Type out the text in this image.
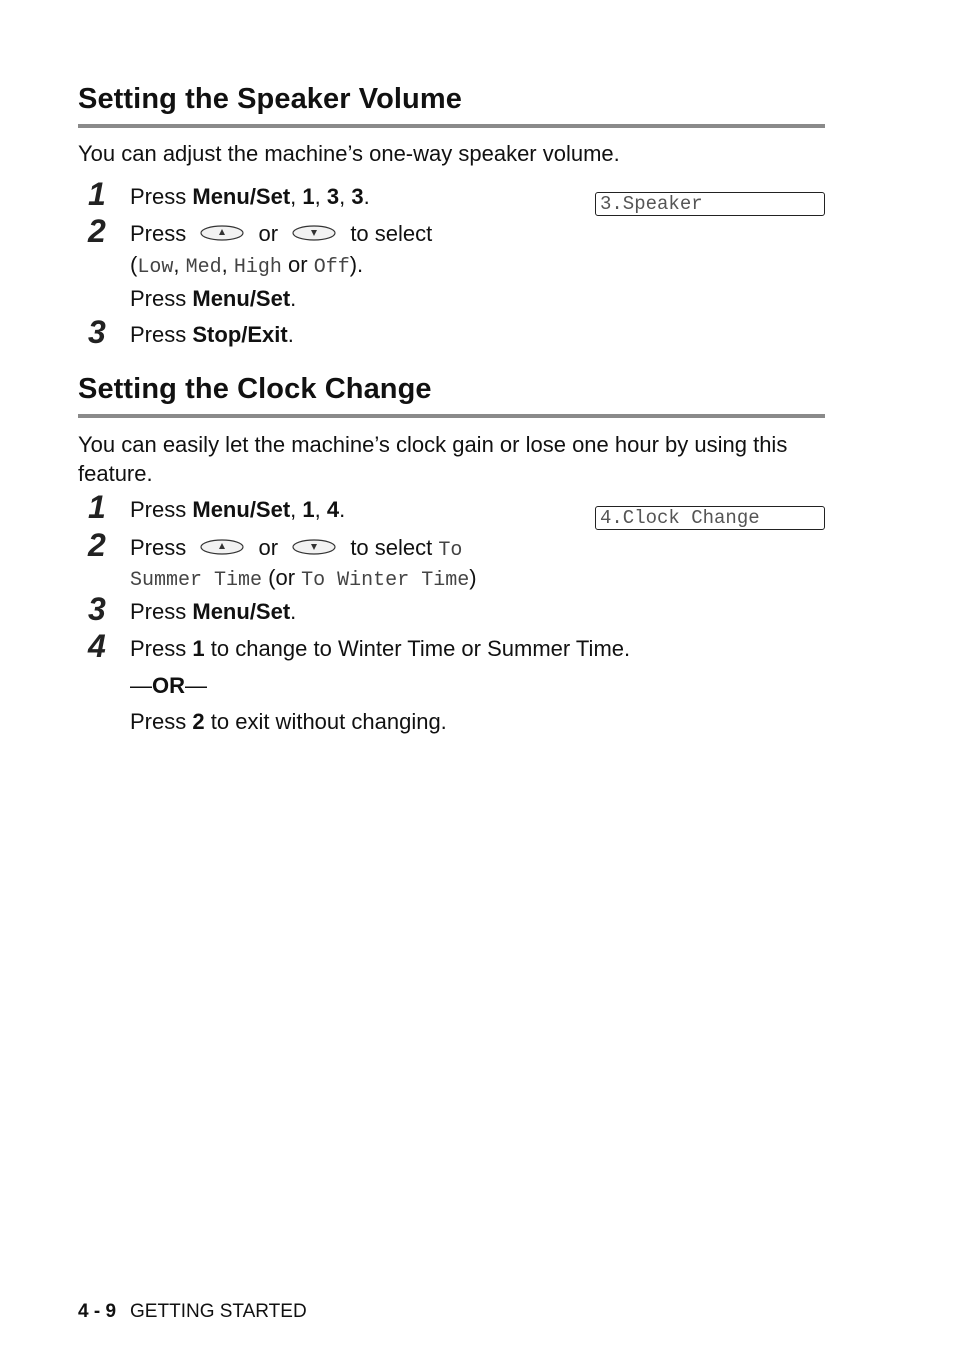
Setting the Speaker Volume

You can adjust the machine’s one-way speaker volume.

3.Speaker
1	Press Menu/Set, 1, 3, 3.
2	Press	or	to select
(Low, Med, High or Off).
Press Menu/Set.
3	Press Stop/Exit.
Setting the Clock Change

You can easily let the machine’s clock gain or lose one hour by using this feature.

4.Clock Change
1	Press Menu/Set, 1, 4.
2	Press	or	to select To
Summer Time (or To Winter Time)
3	Press Menu/Set.
4	Press 1 to change to Winter Time or Summer Time.
—OR—
Press 2 to exit without changing.
4 - 9 GETTING STARTED
